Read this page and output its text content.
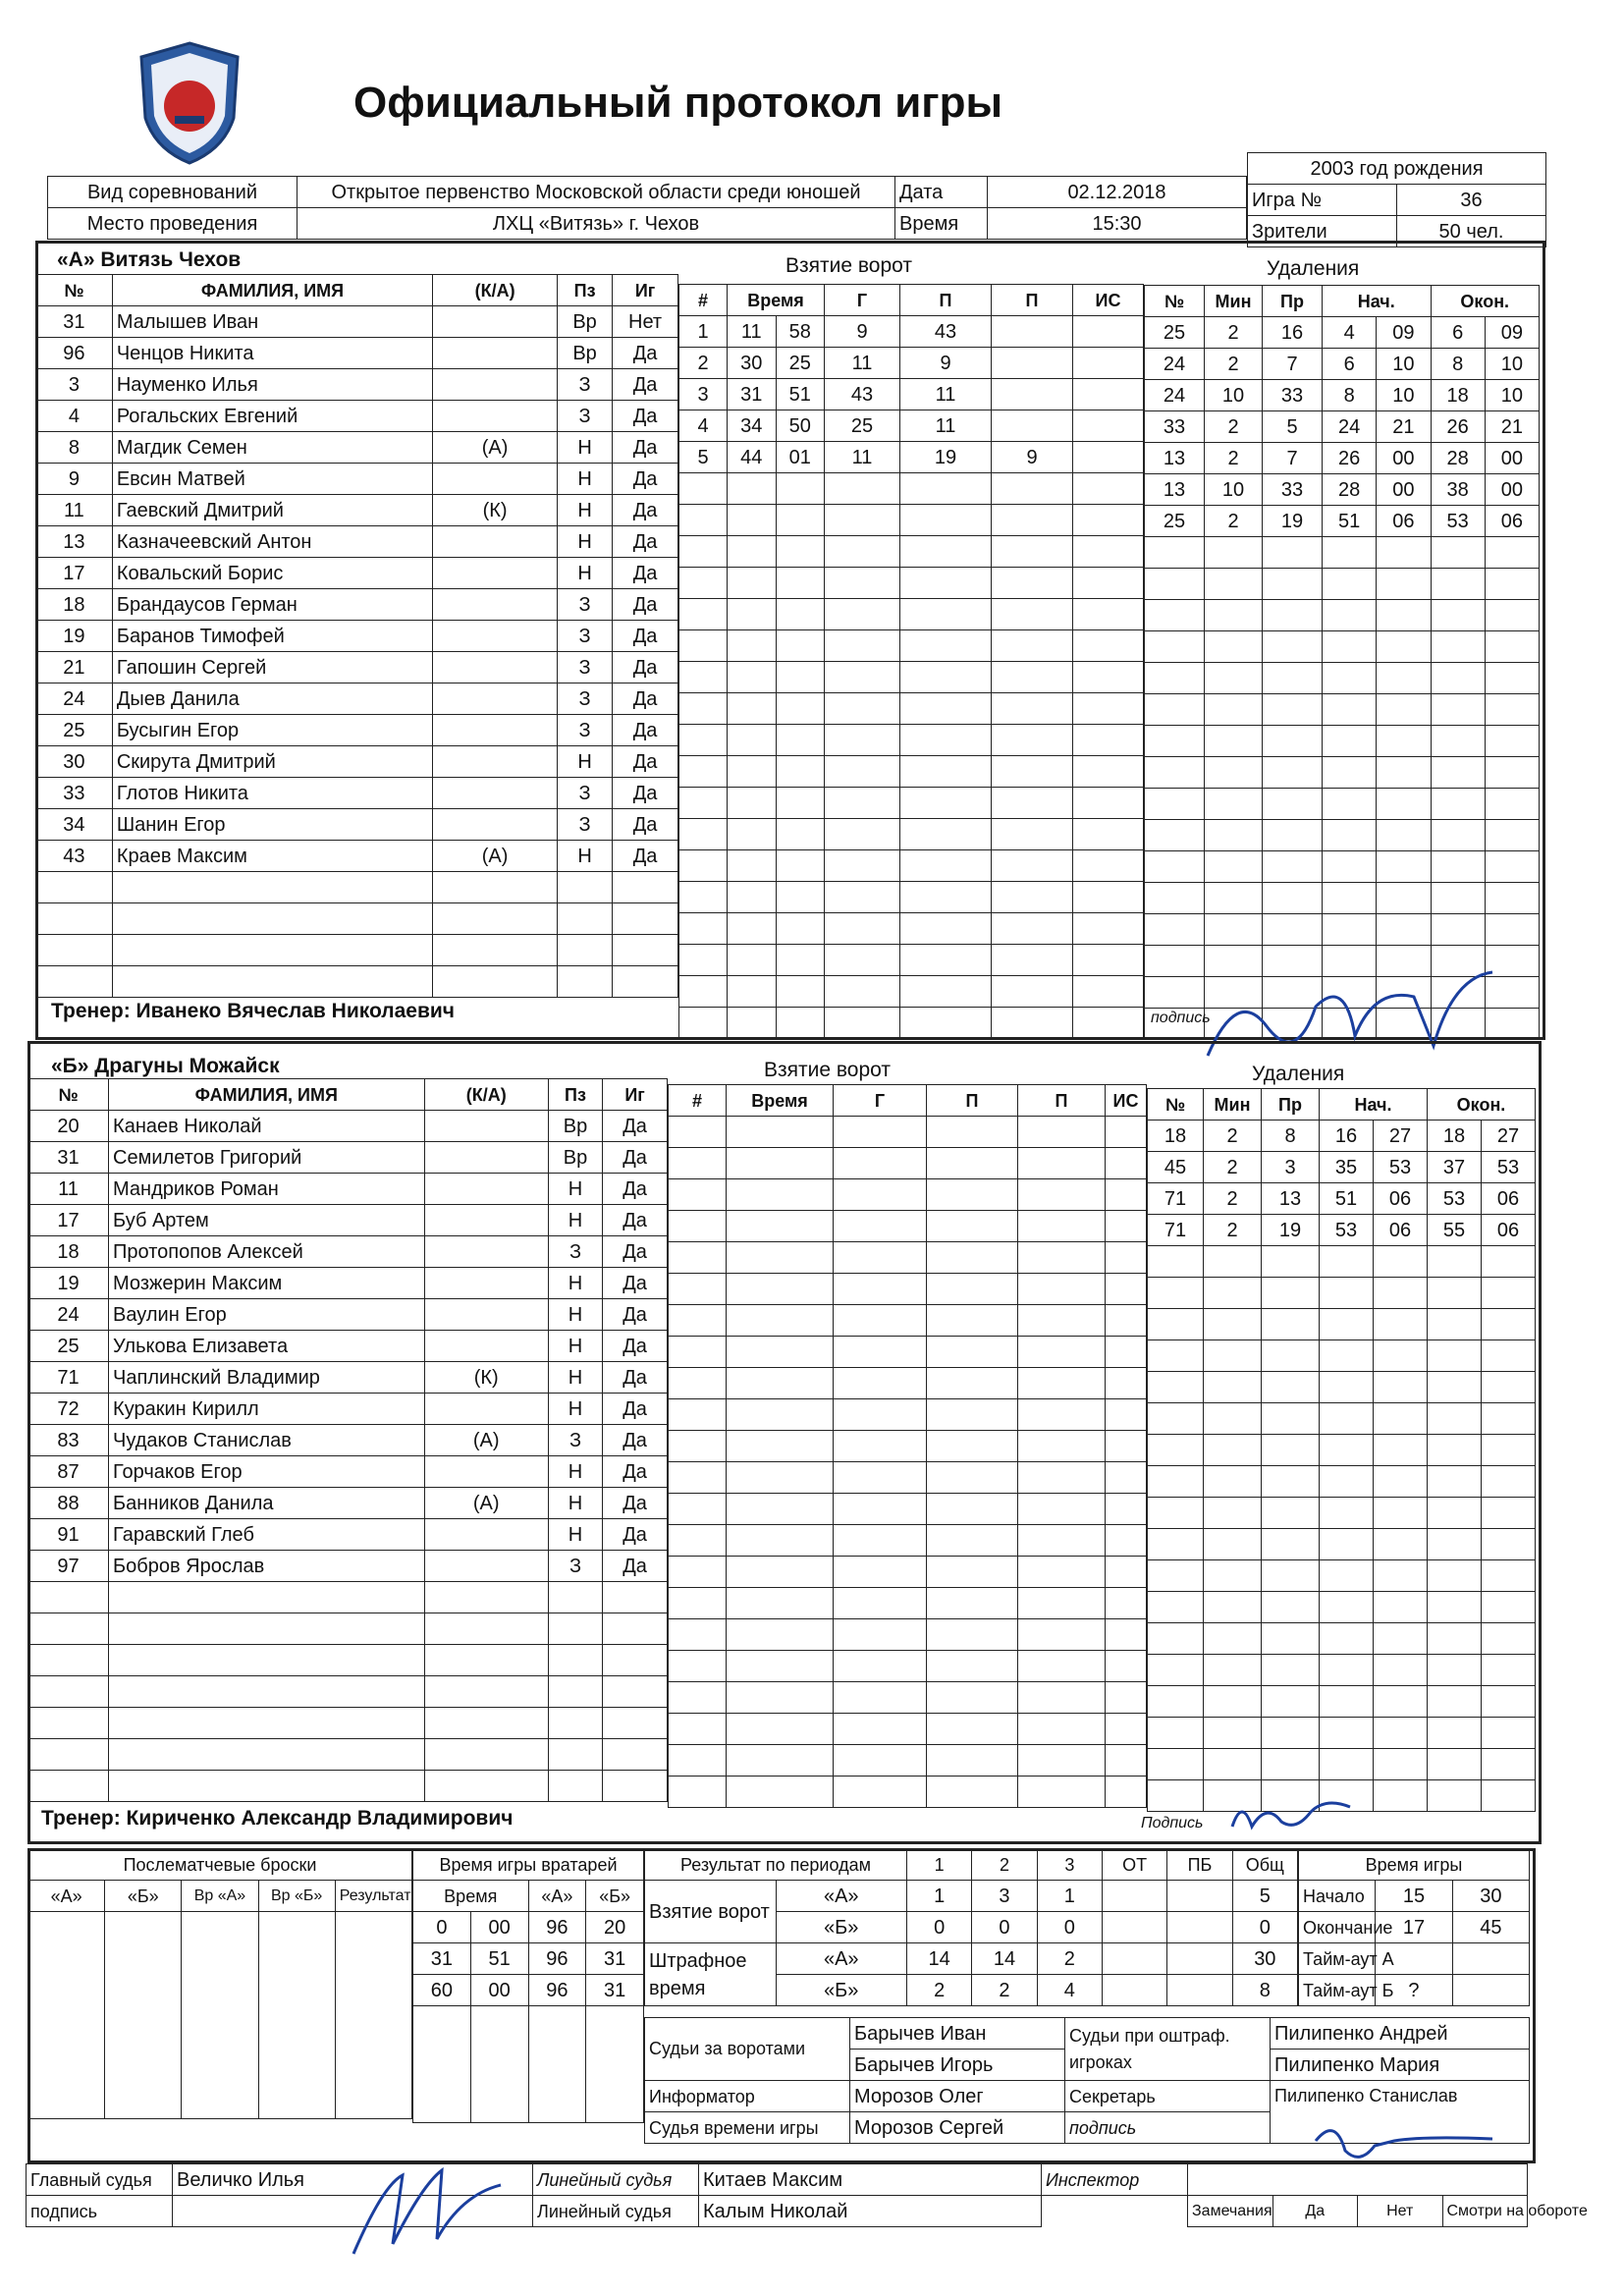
Официальный протокол игры
2003 год рождения	
Игра №	36
Зрители	50 чел.
Вид соревнований	Открытое первенство Московской области среди юношей	Дата	02.12.2018
Место проведения	ЛХЦ «Витязь» г. Чехов	Время	15:30
«А» Витязь Чехов
№	ФАМИЛИЯ, ИМЯ	(К/А)	Пз	Иг
31	Малышев Иван		Вр	Нет
96	Ченцов Никита		Вр	Да
3	Науменко Илья		З	Да
4	Рогальских Евгений		З	Да
8	Магдик Семен	(А)	Н	Да
9	Евсин Матвей		Н	Да
11	Гаевский Дмитрий	(К)	Н	Да
13	Казначеевский Антон		Н	Да
17	Ковальский Борис		Н	Да
18	Брандаусов Герман		З	Да
19	Баранов Тимофей		З	Да
21	Гапошин Сергей		З	Да
24	Дыев Данила		З	Да
25	Бусыгин Егор		З	Да
30	Скирута Дмитрий		Н	Да
33	Глотов Никита		З	Да
34	Шанин Егор		З	Да
43	Краев Максим	(А)	Н	Да

Тренер: Иванеко Вячеслав Николаевич
Взятие ворот
#	Время		Г	П	П	ИС
1	11	58	9	43		
2	30	25	11	9		
3	31	51	43	11		
4	34	50	25	11		
5	44	01	11	19	9	

Удаления
№	Мин	Пр	Нач.		Окон.	
25	2	16	4	09	6	09
24	2	7	6	10	8	10
24	10	33	8	10	18	10
33	2	5	24	21	26	21
13	2	7	26	00	28	00
13	10	33	28	00	38	00
25	2	19	51	06	53	06

подпись
«Б» Драгуны Можайск
№	ФАМИЛИЯ, ИМЯ	(К/А)	Пз	Иг
20	Канаев Николай		Вр	Да
31	Семилетов Григорий		Вр	Да
11	Мандриков Роман		Н	Да
17	Буб Артем		Н	Да
18	Протопопов Алексей		З	Да
19	Мозжерин Максим		Н	Да
24	Ваулин Егор		Н	Да
25	Улькова Елизавета		Н	Да
71	Чаплинский Владимир	(К)	Н	Да
72	Куракин Кирилл		Н	Да
83	Чудаков Станислав	(А)	З	Да
87	Горчаков Егор		Н	Да
88	Банников Данила	(А)	Н	Да
91	Гаравский Глеб		Н	Да
97	Бобров Ярослав		З	Да

Тренер: Кириченко Александр Владимирович
Взятие ворот
#	Время	Г	П	П	ИС

Удаления
№	Мин	Пр	Нач.		Окон.	
18	2	8	16	27	18	27
45	2	3	35	53	37	53
71	2	13	51	06	53	06
71	2	19	53	06	55	06

Подпись
Послематчевые броски				
«А»	«Б»	Вр «А»	Вр «Б»	Результат

Время игры вратарей			
Время		«А»	«Б»
0	00	96	20
31	51	96	31
60	00	96	31

Результат по периодам		1	2	3	ОТ	ПБ	Общ
Взятие ворот	«А»	1	3	1			5
	«Б»	0	0	0			0
Штрафное время	«А»	14	14	2			30
	«Б»	2	2	4			8
Время игры		
Начало	15	30
Окончание	17	45
Тайм-аут А		
Тайм-аут Б	?	
Судьи за воротами	Барычев Иван	Судьи при оштраф. игроках	Пилипенко Андрей
	Барычев Игорь		Пилипенко Мария
Информатор	Морозов Олег	Секретарь	Пилипенко Станислав
Судья времени игры	Морозов Сергей	подпись	
Главный судья	Величко Илья	Линейный судья	Китаев Максим	Инспектор				
подпись		Линейный судья	Калым Николай		Замечания	Да	Нет	Смотри на обороте
